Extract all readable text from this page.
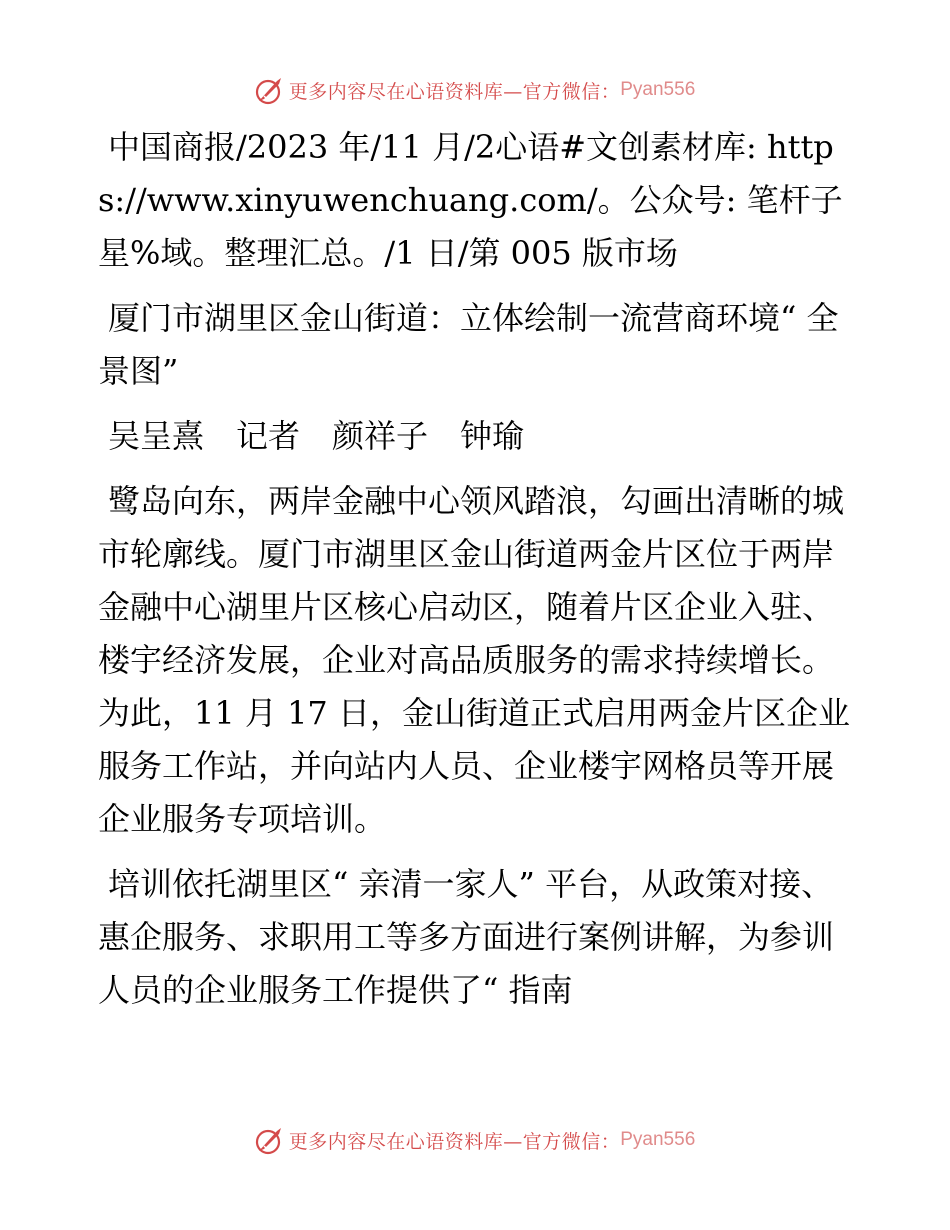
更多内容尽在心语资料库—官方微信： Pyan556

中国商报/2023 年/11 月/2心语#文创素材库: https://www.xinyuwenchuang.com/。公众号: 笔杆子星%域。整理汇总。/1 日/第 005 版市场

厦门市湖里区金山街道：立体绘制一流营商环境“ 全景图”

吴呈熹　记者　颜祥子　钟瑜

鹭岛向东，两岸金融中心领风踏浪，勾画出清晰的城市轮廓线。厦门市湖里区金山街道两金片区位于两岸金融中心湖里片区核心启动区，随着片区企业入驻、楼宇经济发展，企业对高品质服务的需求持续增长。为此，11 月 17 日，金山街道正式启用两金片区企业服务工作站，并向站内人员、企业楼宇网格员等开展企业服务专项培训。

培训依托湖里区“ 亲清一家人” 平台，从政策对接、惠企服务、求职用工等多方面进行案例讲解，为参训人员的企业服务工作提供了“ 指南

更多内容尽在心语资料库—官方微信： Pyan556
